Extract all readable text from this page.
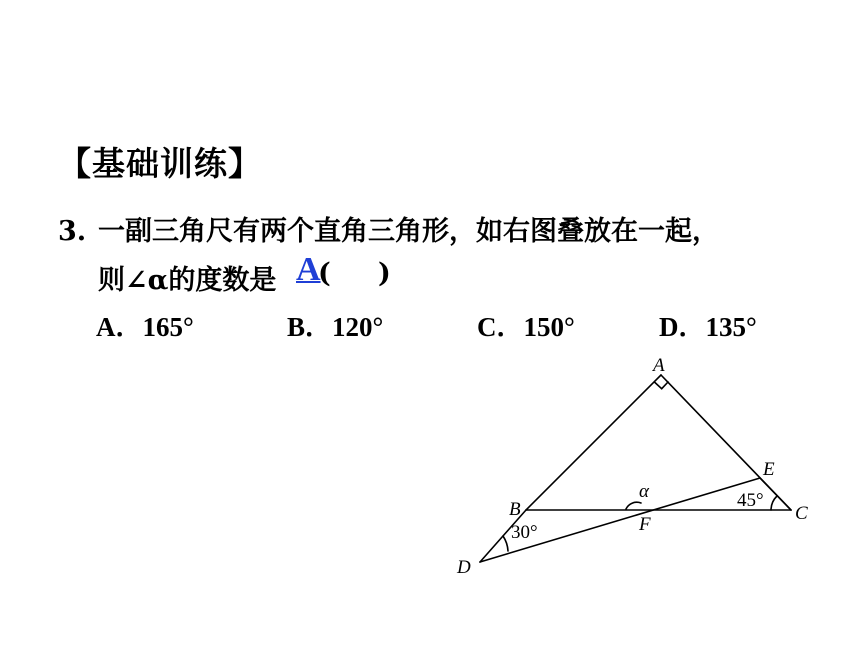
【基础训练】
3. 一副三角尺有两个直角三角形，如右图叠放在一起，
则∠α的度数是 ( )
A
A．165°	B．120°	C．150°	D．135°
A
B	C
D
E
F
α
30°
45°
